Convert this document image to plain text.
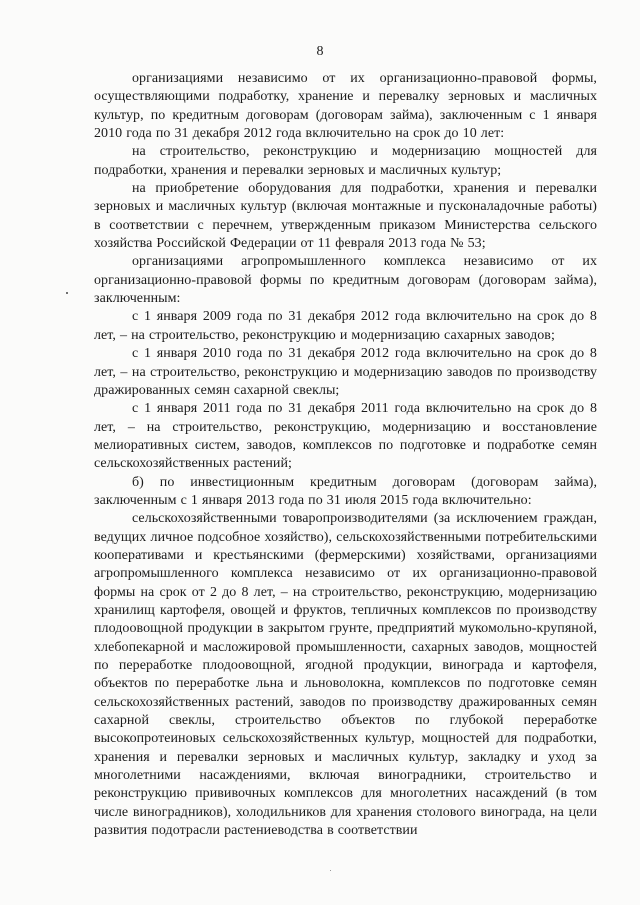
8

организациями независимо от их организационно-правовой формы, осуществляющими подработку, хранение и перевалку зерновых и масличных культур, по кредитным договорам (договорам займа), заключенным с 1 января 2010 года по 31 декабря 2012 года включительно на срок до 10 лет:

на строительство, реконструкцию и модернизацию мощностей для подработки, хранения и перевалки зерновых и масличных культур;

на приобретение оборудования для подработки, хранения и перевалки зерновых и масличных культур (включая монтажные и пусконаладочные работы) в соответствии с перечнем, утвержденным приказом Министерства сельского хозяйства Российской Федерации от 11 февраля 2013 года № 53;

организациями агропромышленного комплекса независимо от их организационно-правовой формы по кредитным договорам (договорам займа), заключенным:

с 1 января 2009 года по 31 декабря 2012 года включительно на срок до 8 лет, – на строительство, реконструкцию и модернизацию сахарных заводов;

с 1 января 2010 года по 31 декабря 2012 года включительно на срок до 8 лет, – на строительство, реконструкцию и модернизацию заводов по производству дражированных семян сахарной свеклы;

с 1 января 2011 года по 31 декабря 2011 года включительно на срок до 8 лет, – на строительство, реконструкцию, модернизацию и восстановление мелиоративных систем, заводов, комплексов по подготовке и подработке семян сельскохозяйственных растений;

б) по инвестиционным кредитным договорам (договорам займа), заключенным с 1 января 2013 года по 31 июля 2015 года включительно:

сельскохозяйственными товаропроизводителями (за исключением граждан, ведущих личное подсобное хозяйство), сельскохозяйственными потребительскими кооперативами и крестьянскими (фермерскими) хозяйствами, организациями агропромышленного комплекса независимо от их организационно-правовой формы на срок от 2 до 8 лет, – на строительство, реконструкцию, модернизацию хранилищ картофеля, овощей и фруктов, тепличных комплексов по производству плодоовощной продукции в закрытом грунте, предприятий мукомольно-крупяной, хлебопекарной и масложировой промышленности, сахарных заводов, мощностей по переработке плодоовощной, ягодной продукции, винограда и картофеля, объектов по переработке льна и льноволокна, комплексов по подготовке семян сельскохозяйственных растений, заводов по производству дражированных семян сахарной свеклы, строительство объектов по глубокой переработке высокопротеиновых сельскохозяйственных культур, мощностей для подработки, хранения и перевалки зерновых и масличных культур, закладку и уход за многолетними насаждениями, включая виноградники, строительство и реконструкцию прививочных комплексов для многолетних насаждений (в том числе виноградников), холодильников для хранения столового винограда, на цели развития подотрасли растениеводства в соответствии
